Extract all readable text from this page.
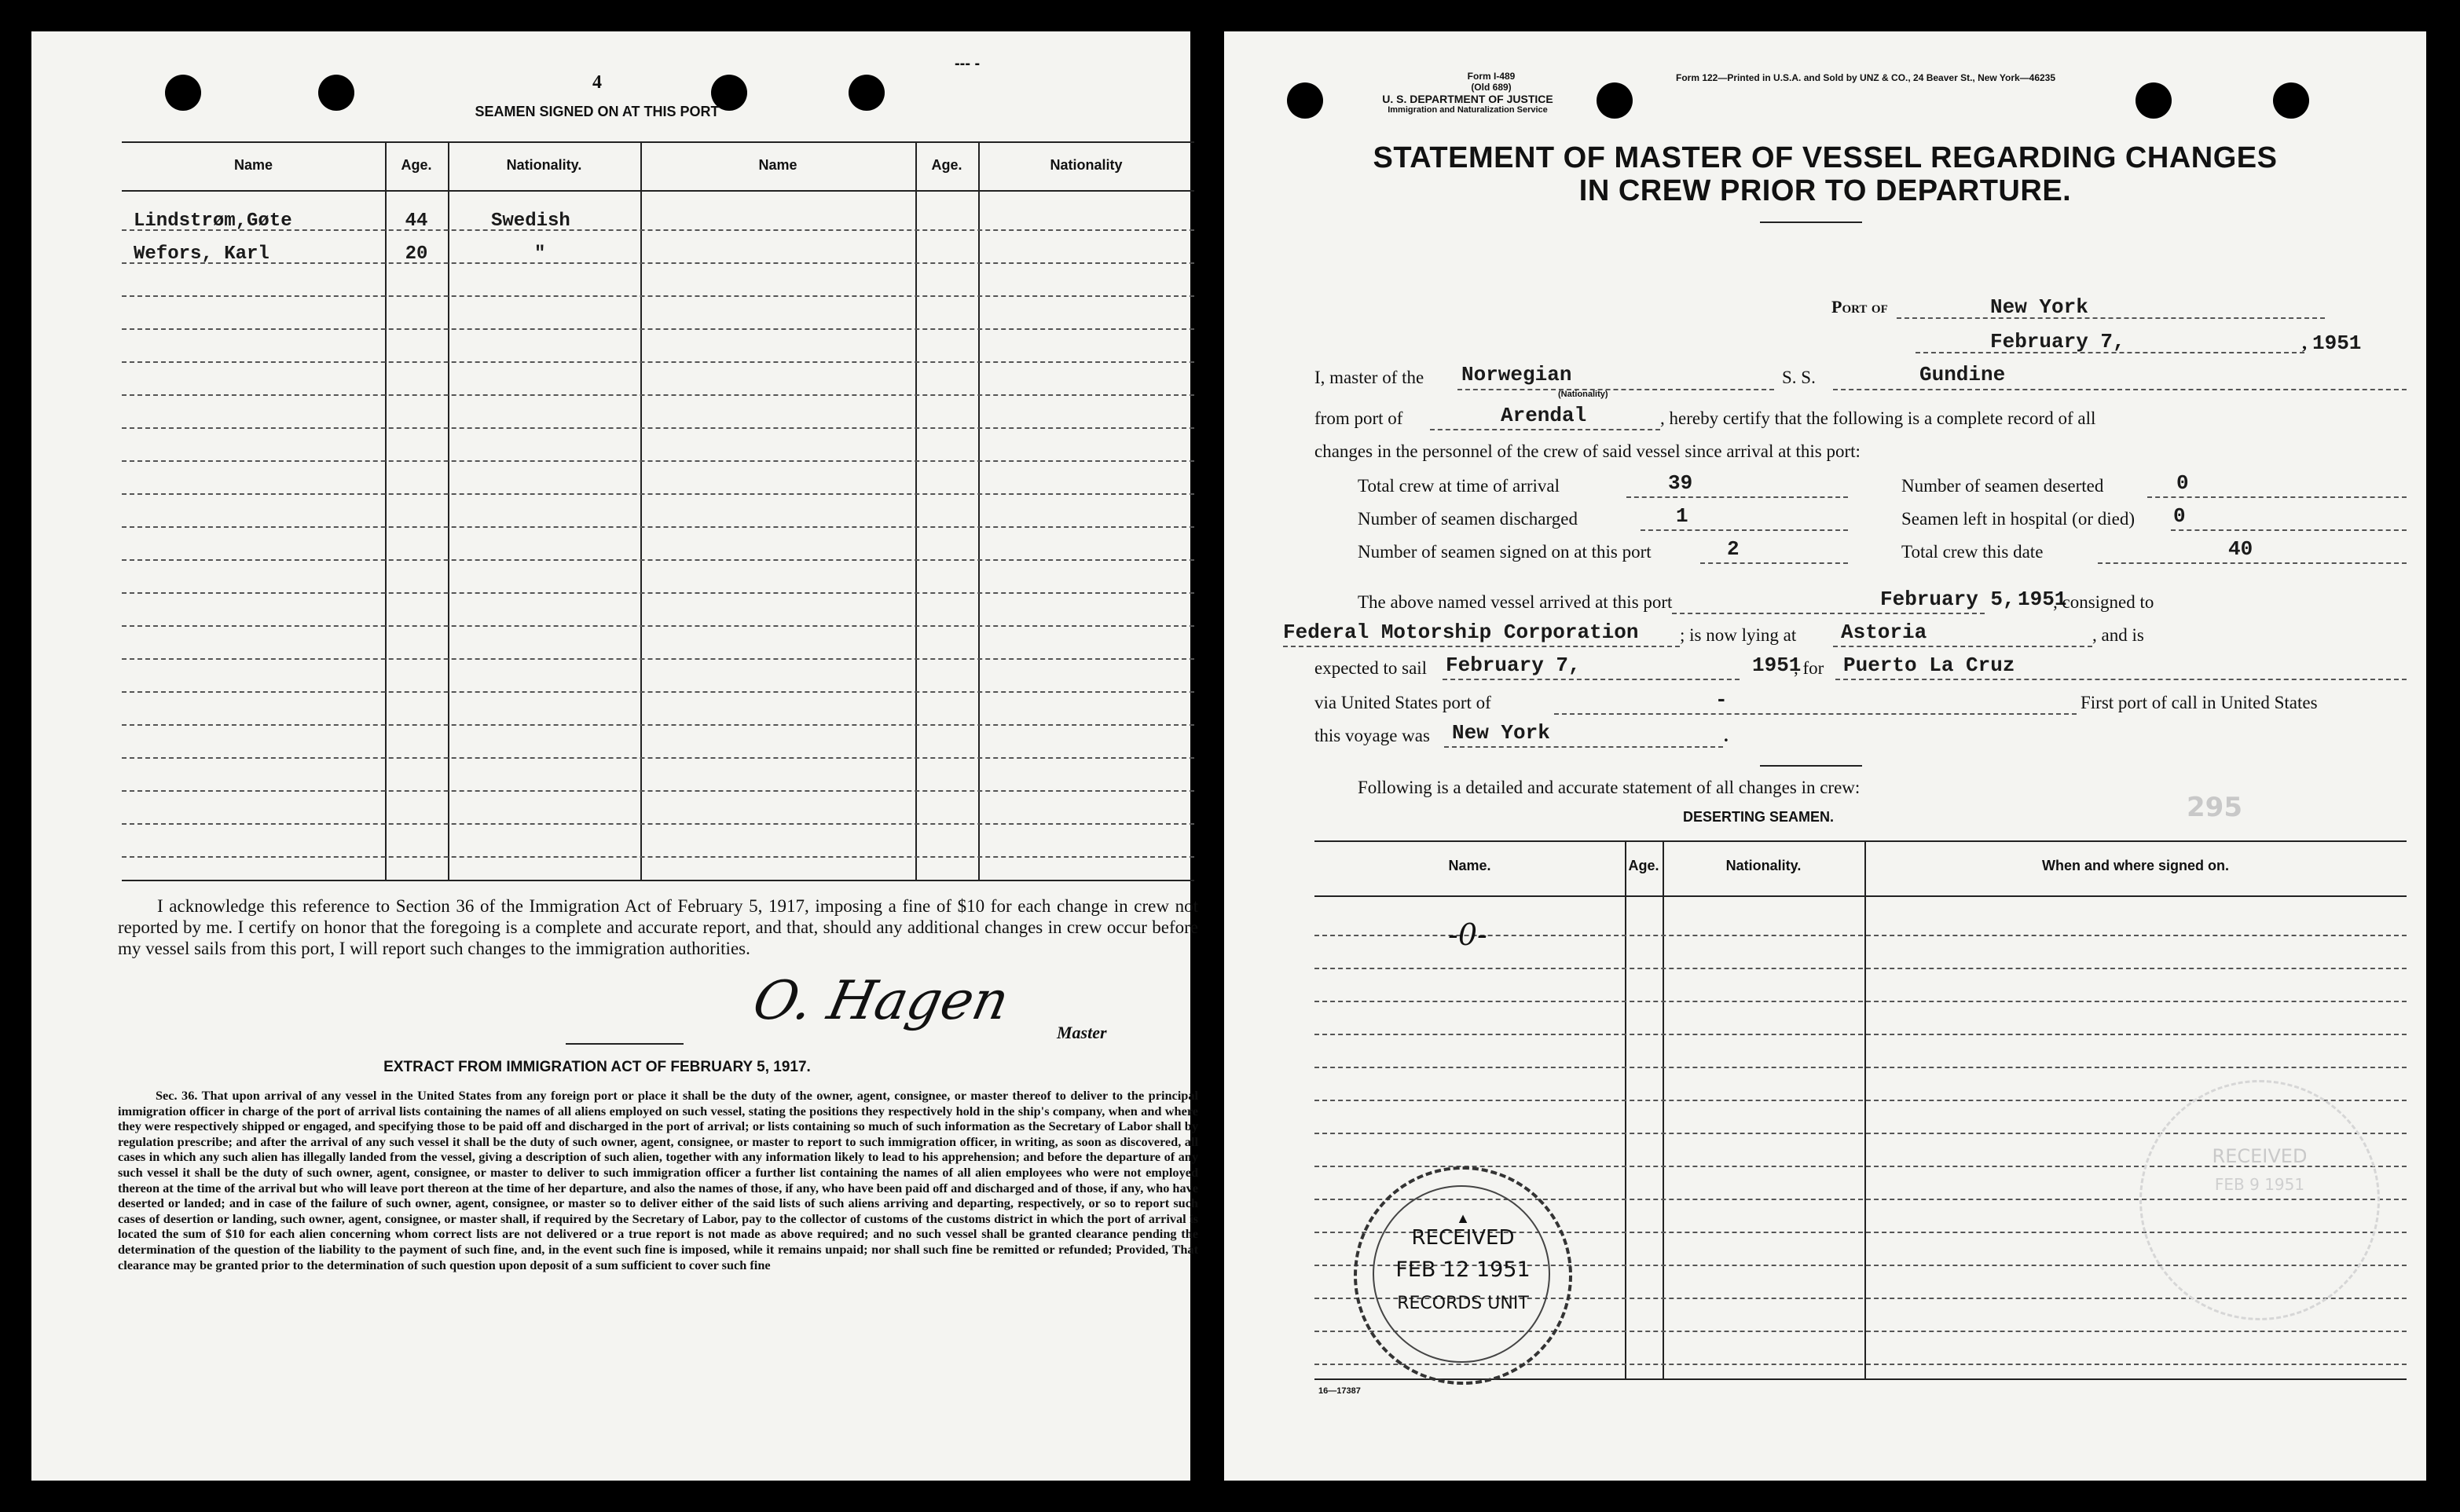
--- -
4
SEAMEN SIGNED ON AT THIS PORT
Name	Age.	Nationality.	Name	Age.	Nationality
Lindstrøm,Gøte	44	Swedish
Wefors, Karl	20	"
I acknowledge this reference to Section 36 of the Immigration Act of February 5, 1917, imposing a fine of $10 for each change in crew not reported by me. I certify on honor that the foregoing is a complete and accurate report, and that, should any additional changes in crew occur before my vessel sails from this port, I will report such changes to the immigration authorities.
O. Hagen
Master
EXTRACT FROM IMMIGRATION ACT OF FEBRUARY 5, 1917.
Sec. 36. That upon arrival of any vessel in the United States from any foreign port or place it shall be the duty of the owner, agent, consignee, or master thereof to deliver to the principal immigration officer in charge of the port of arrival lists containing the names of all aliens employed on such vessel, stating the positions they respectively hold in the ship's company, when and where they were respectively shipped or engaged, and specifying those to be paid off and discharged in the port of arrival; or lists containing so much of such information as the Secretary of Labor shall by regulation prescribe; and after the arrival of any such vessel it shall be the duty of such owner, agent, consignee, or master to report to such immigration officer, in writing, as soon as discovered, all cases in which any such alien has illegally landed from the vessel, giving a description of such alien, together with any information likely to lead to his apprehension; and before the departure of any such vessel it shall be the duty of such owner, agent, consignee, or master to deliver to such immigration officer a further list containing the names of all alien employees who were not employed thereon at the time of the arrival but who will leave port thereon at the time of her departure, and also the names of those, if any, who have been paid off and discharged and of those, if any, who have deserted or landed; and in case of the failure of such owner, agent, consignee, or master so to deliver either of the said lists of such aliens arriving and departing, respectively, or so to report such cases of desertion or landing, such owner, agent, consignee, or master shall, if required by the Secretary of Labor, pay to the collector of customs of the customs district in which the port of arrival is located the sum of $10 for each alien concerning whom correct lists are not delivered or a true report is not made as above required; and no such vessel shall be granted clearance pending the determination of the question of the liability to the payment of such fine, and, in the event such fine is imposed, while it remains unpaid; nor shall such fine be remitted or refunded; Provided, That clearance may be granted prior to the determination of such question upon deposit of a sum sufficient to cover such fine
Form I-489
(Old 689)
U. S. DEPARTMENT OF JUSTICE
Immigration and Naturalization Service
Form 122—Printed in U.S.A. and Sold by UNZ & CO., 24 Beaver St., New York—46235
STATEMENT OF MASTER OF VESSEL REGARDING CHANGES
IN CREW PRIOR TO DEPARTURE.
Port of	New York
February 7,	, 1951
I, master of the Norwegian
(Nationality)
S. S.	Gundine
from port of	Arendal	, hereby certify that the following is a complete record of all
changes in the personnel of the crew of said vessel since arrival at this port:
Total crew at time of arrival	39	Number of seamen deserted	0
Number of seamen discharged	1	Seamen left in hospital (or died) 0
Number of seamen signed on at this port	2	Total crew this date	40
The above named vessel arrived at this port	February 5, 1951
, consigned to
Federal Motorship Corporation ; is now lying at Astoria	, and is
expected to sail February 7,	1951
, for Puerto La Cruz
via United States port of	-	First port of call in United States
this voyage was New York	.
Following is a detailed and accurate statement of all changes in crew:
DESERTING SEAMEN.	295
Name.	Age.	Nationality.	When and where signed on.
-0-
▲
RECEIVED
FEB 12 1951
RECORDS UNIT
RECEIVED
FEB 9 1951
16—17387
